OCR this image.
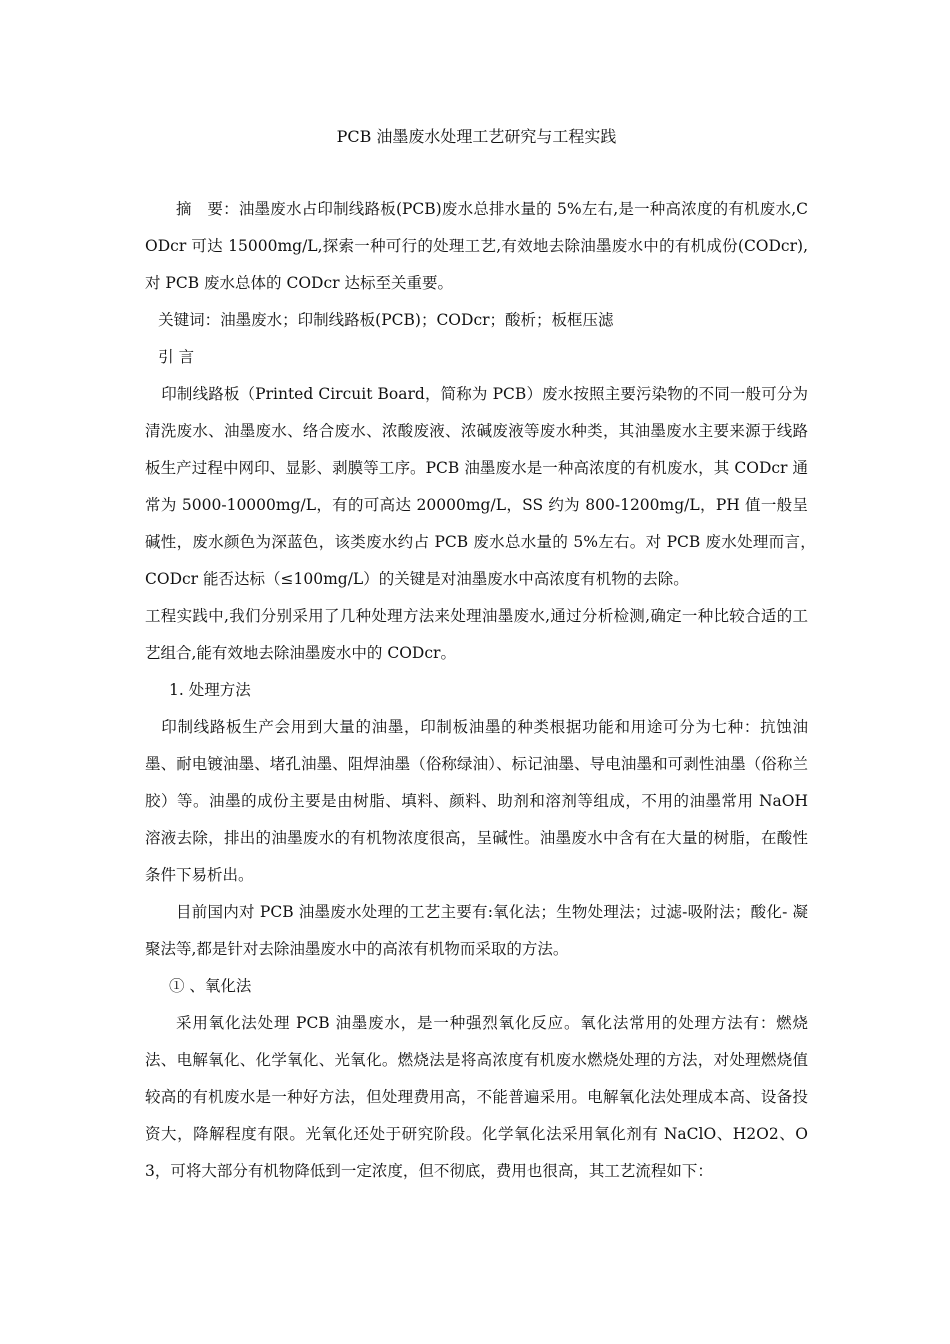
PCB 油墨废水处理工艺研究与工程实践

摘　要：油墨废水占印制线路板(PCB)废水总排水量的 5%左右,是一种高浓度的有机废水,CODcr 可达 15000mg/L,探索一种可行的处理工艺,有效地去除油墨废水中的有机成份(CODcr),对 PCB 废水总体的 CODcr 达标至关重要。

关键词：油墨废水；印制线路板(PCB)；CODcr；酸析；板框压滤

引 言

印制线路板（Printed Circuit Board，简称为 PCB）废水按照主要污染物的不同一般可分为清洗废水、油墨废水、络合废水、浓酸废液、浓碱废液等废水种类，其油墨废水主要来源于线路板生产过程中网印、显影、剥膜等工序。PCB 油墨废水是一种高浓度的有机废水，其 CODcr 通常为 5000-10000mg/L，有的可高达 20000mg/L，SS 约为 800-1200mg/L，PH 值一般呈碱性，废水颜色为深蓝色，该类废水约占 PCB 废水总水量的 5%左右。对 PCB 废水处理而言，　CODcr 能否达标（≤100mg/L）的关键是对油墨废水中高浓度有机物的去除。

工程实践中,我们分别采用了几种处理方法来处理油墨废水,通过分析检测,确定一种比较合适的工艺组合,能有效地去除油墨废水中的 CODcr。

1. 处理方法

印制线路板生产会用到大量的油墨，印制板油墨的种类根据功能和用途可分为七种：抗蚀油墨、耐电镀油墨、堵孔油墨、阻焊油墨（俗称绿油）、标记油墨、导电油墨和可剥性油墨（俗称兰胶）等。油墨的成份主要是由树脂、填料、颜料、助剂和溶剂等组成，不用的油墨常用 NaOH 溶液去除，排出的油墨废水的有机物浓度很高，呈碱性。油墨废水中含有在大量的树脂，在酸性条件下易析出。

目前国内对 PCB 油墨废水处理的工艺主要有:氧化法；生物处理法；过滤-吸附法；酸化- 凝聚法等,都是针对去除油墨废水中的高浓有机物而采取的方法。

① 、氧化法

采用氧化法处理 PCB 油墨废水，是一种强烈氧化反应。氧化法常用的处理方法有：燃烧法、电解氧化、化学氧化、光氧化。燃烧法是将高浓度有机废水燃烧处理的方法，对处理燃烧值较高的有机废水是一种好方法，但处理费用高，不能普遍采用。电解氧化法处理成本高、设备投资大，降解程度有限。光氧化还处于研究阶段。化学氧化法采用氧化剂有 NaClO、H2O2、O3，可将大部分有机物降低到一定浓度，但不彻底，费用也很高，其工艺流程如下：
